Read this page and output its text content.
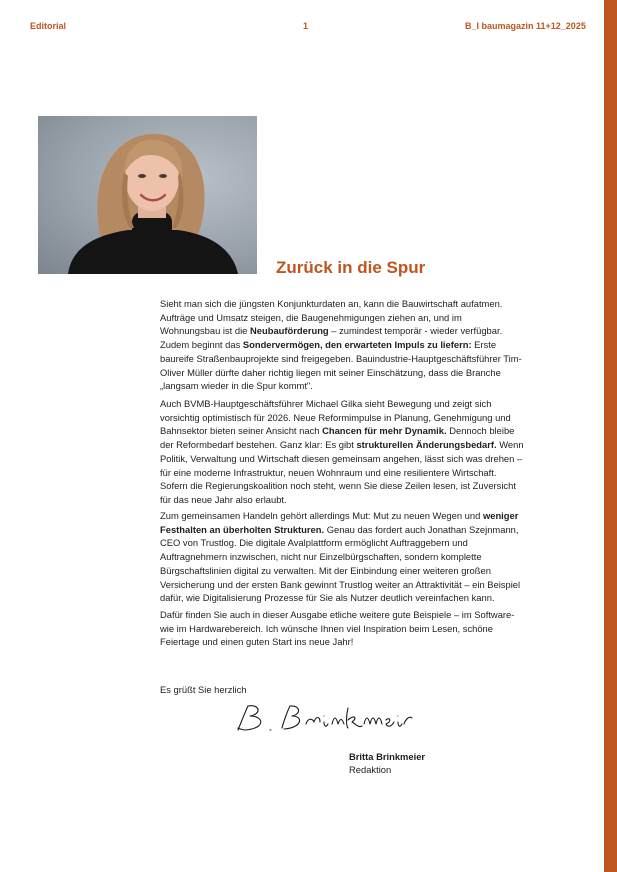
Editorial	1	B_I baumagazin 11+12_2025
Zurück in die Spur

Sieht man sich die jüngsten Konjunkturdaten an, kann die Bauwirtschaft aufatmen. Aufträge und Umsatz steigen, die Baugenehmigungen ziehen an, und im Wohnungsbau ist die Neubauförderung – zumindest temporär - wieder verfügbar. Zudem beginnt das Sondervermögen, den erwarteten Impuls zu liefern: Erste baureife Straßenbauprojekte sind freigegeben. Bauindustrie-Hauptgeschäftsführer Tim-Oliver Müller dürfte daher richtig liegen mit seiner Einschätzung, dass die Branche „langsam wieder in die Spur kommt".

Auch BVMB-Hauptgeschäftsführer Michael Gilka sieht Bewegung und zeigt sich vorsichtig optimistisch für 2026. Neue Reformimpulse in Planung, Genehmigung und Bahnsektor bieten seiner Ansicht nach Chancen für mehr Dynamik. Dennoch bleibe der Reformbedarf bestehen. Ganz klar: Es gibt strukturellen Änderungsbedarf. Wenn Politik, Verwaltung und Wirtschaft diesen gemeinsam angehen, lässt sich was drehen – für eine moderne Infrastruktur, neuen Wohnraum und eine resilientere Wirtschaft. Sofern die Regierungskoalition noch steht, wenn Sie diese Zeilen lesen, ist Zuversicht für das neue Jahr also erlaubt.

Zum gemeinsamen Handeln gehört allerdings Mut: Mut zu neuen Wegen und weniger Festhalten an überholten Strukturen. Genau das fordert auch Jonathan Szejnmann, CEO von Trustlog. Die digitale Avalplattform ermöglicht Auftraggebern und Auftragnehmern inzwischen, nicht nur Einzelbürgschaften, sondern komplette Bürgschaftslinien digital zu verwalten. Mit der Einbindung einer weiteren großen Versicherung und der ersten Bank gewinnt Trustlog weiter an Attraktivität – ein Beispiel dafür, wie Digitalisierung Prozesse für Sie als Nutzer deutlich vereinfachen kann.

Dafür finden Sie auch in dieser Ausgabe etliche weitere gute Beispiele – im Software- wie im Hardwarebereich. Ich wünsche Ihnen viel Inspiration beim Lesen, schöne Feiertage und einen guten Start ins neue Jahr!

Es grüßt Sie herzlich
Britta Brinkmeier
Redaktion
